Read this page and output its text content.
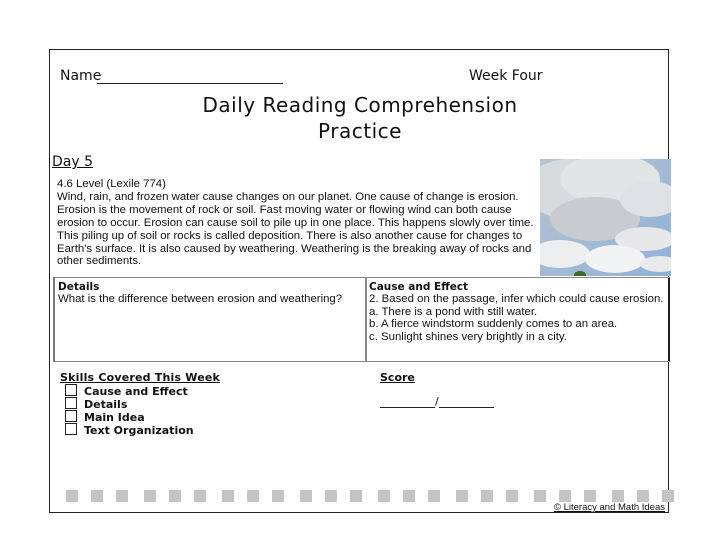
Name	Week Four
Daily Reading Comprehension
Practice
Day 5
4.6 Level (Lexile 774)
Wind, rain, and frozen water cause changes on our planet. One cause of change is erosion. Erosion is the movement of rock or soil. Fast moving water or flowing wind can both cause erosion to occur. Erosion can cause soil to pile up in one place. This happens slowly over time. This piling up of soil or rocks is called deposition. There is also another cause for changes to Earth's surface. It is also caused by weathering. Weathering is the breaking away of rocks and other sediments.
Details
What is the difference between erosion and weathering?
Cause and Effect
2. Based on the passage, infer which could cause erosion.
a. There is a pond with still water.
b. A fierce windstorm suddenly comes to an area.
c. Sunlight shines very brightly in a city.
Skills Covered This Week
Cause and Effect
Details
Main Idea
Text Organization
Score
/
© Literacy and Math Ideas
